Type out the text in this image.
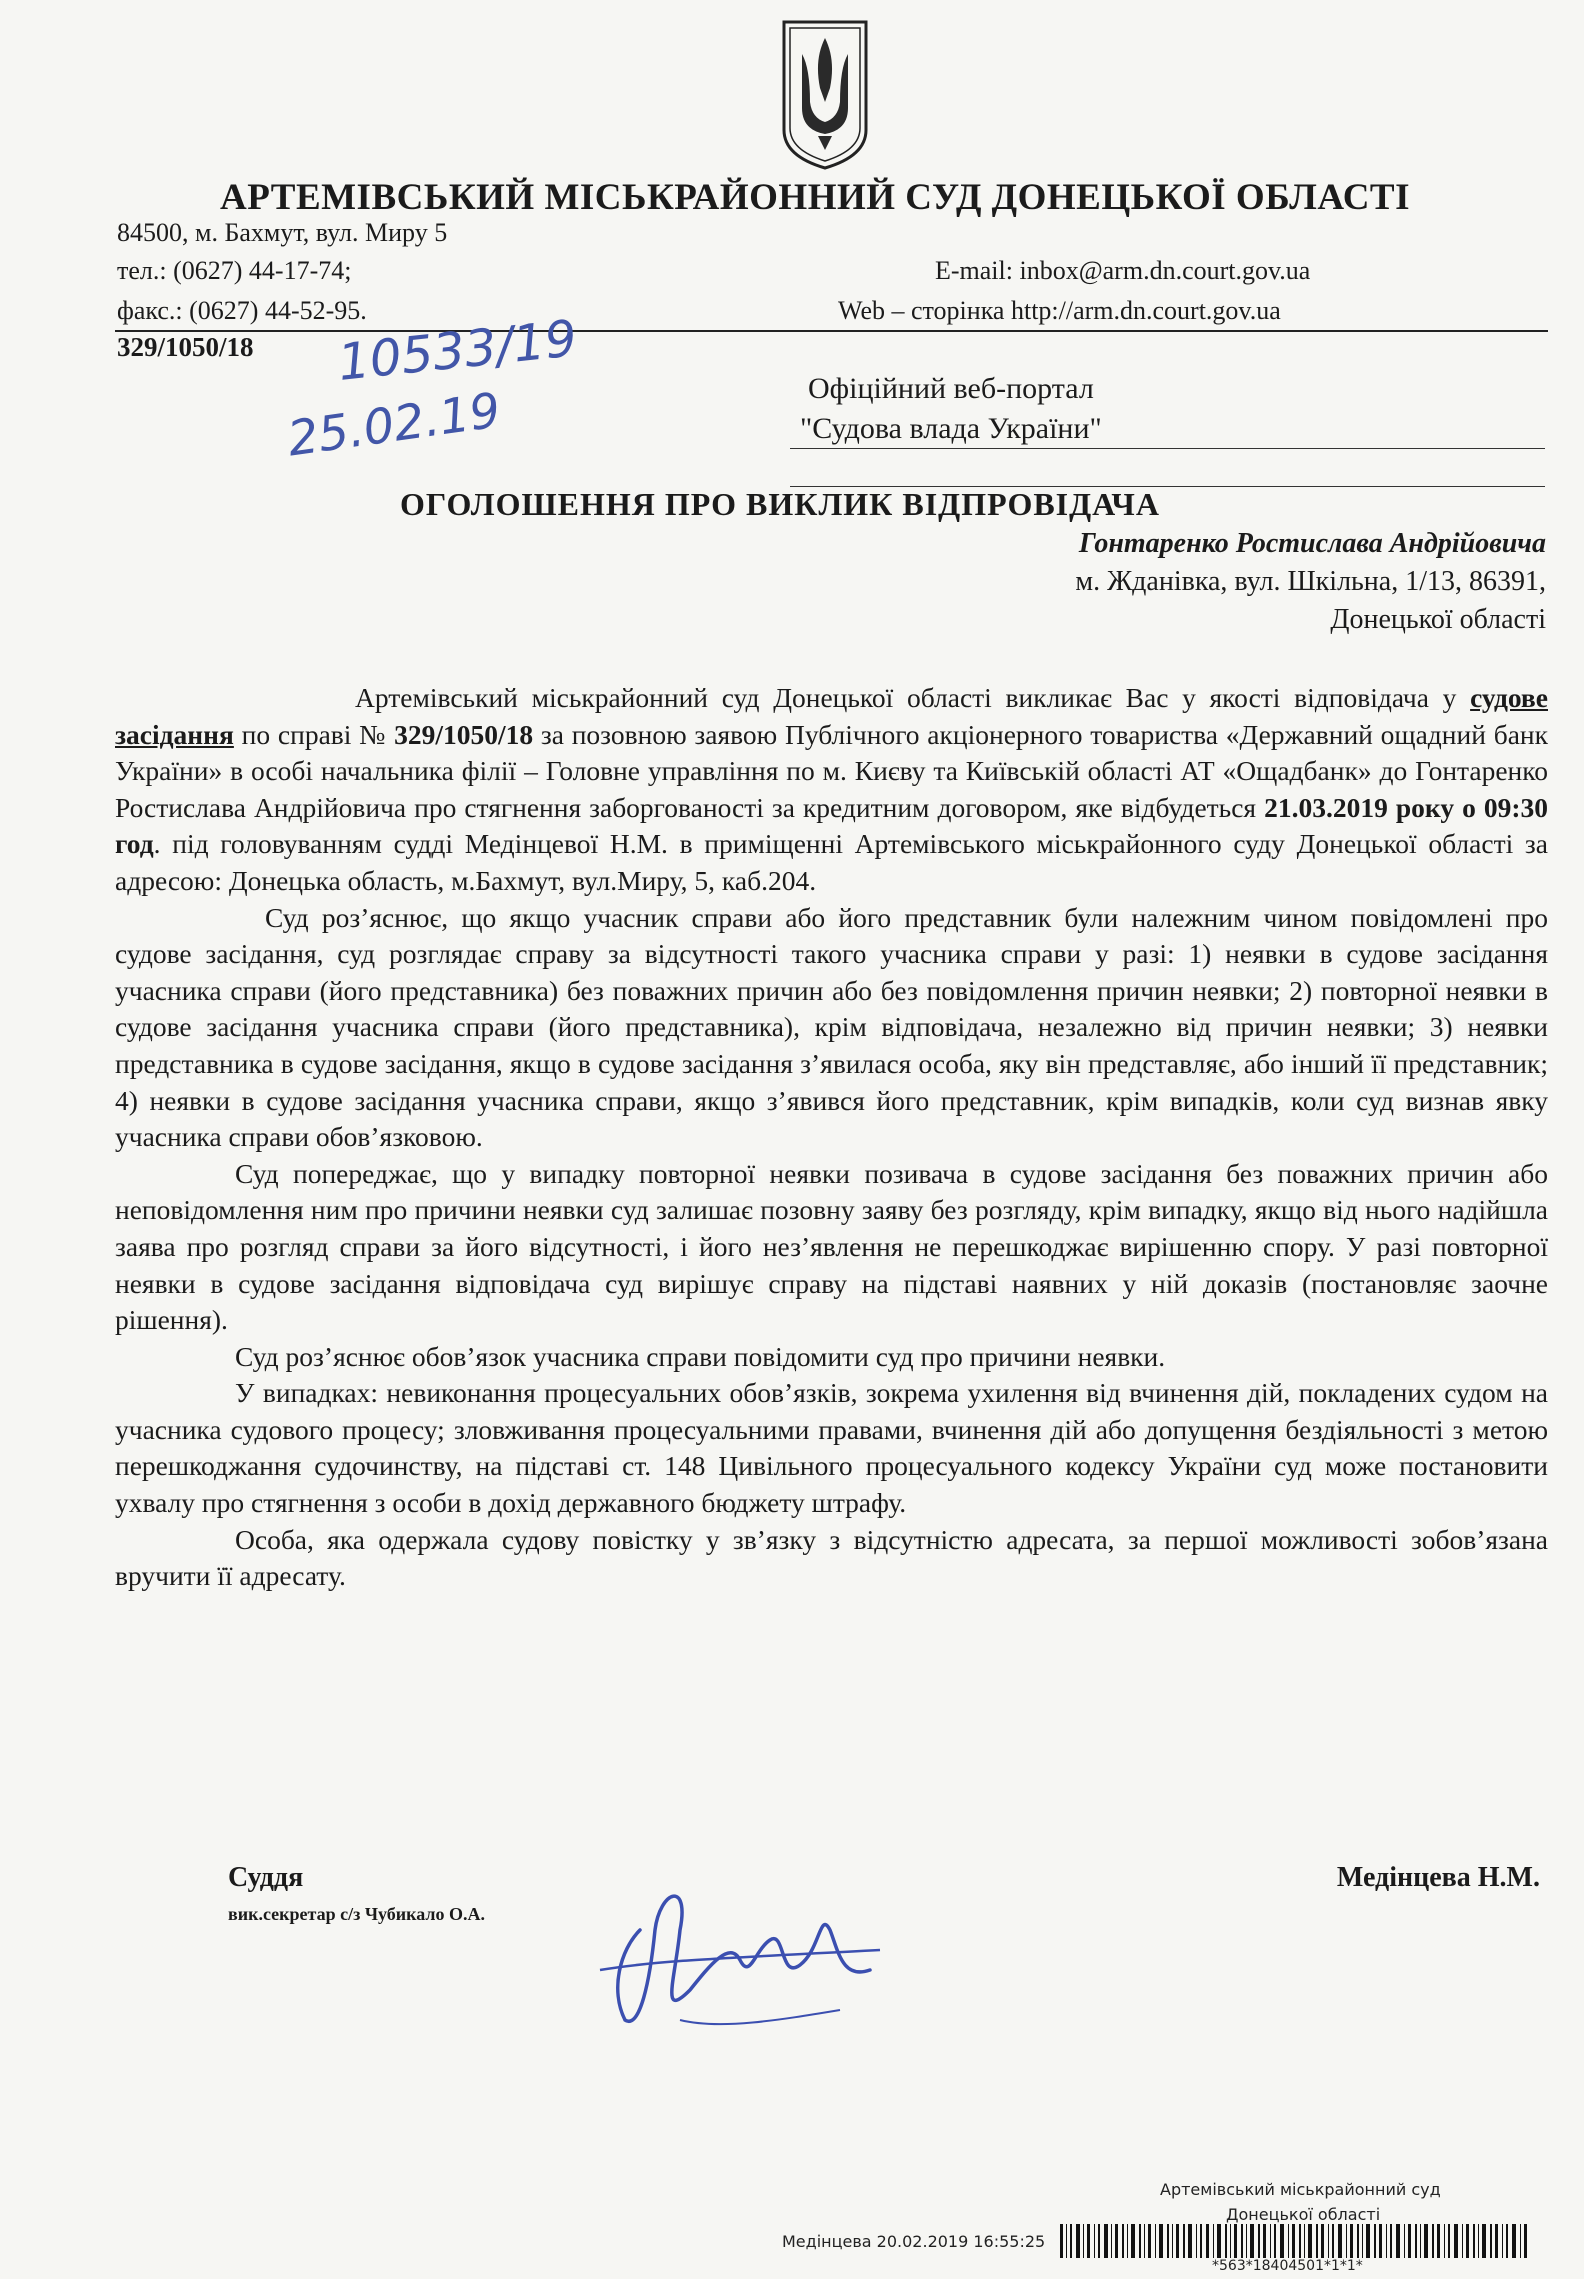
АРТЕМІВСЬКИЙ МІСЬКРАЙОННИЙ СУД ДОНЕЦЬКОЇ ОБЛАСТІ
84500, м. Бахмут, вул. Миру 5
тел.: (0627) 44-17-74;
факс.: (0627) 44-52-95.
E-mail: inbox@arm.dn.court.gov.ua
Web – сторінка http://arm.dn.court.gov.ua
329/1050/18 10533/19
25.02.19	Офіційний веб-портал
"Судова влада України"
ОГОЛОШЕННЯ ПРО ВИКЛИК ВІДПРОВІДАЧА
Гонтаренко Ростислава Андрійовича
м. Жданівка, вул. Шкільна, 1/13, 86391,
Донецької області

Артемівський міськрайонний суд Донецької області викликає Вас у якості відповідача у судове засідання по справі № 329/1050/18 за позовною заявою Публічного акціонерного товариства «Державний ощадний банк України» в особі начальника філії – Головне управління по м. Києву та Київській області АТ «Ощадбанк» до Гонтаренко Ростислава Андрійовича про стягнення заборгованості за кредитним договором, яке відбудеться 21.03.2019 року о 09:30 год. під головуванням судді Медінцевої Н.М. в приміщенні Артемівського міськрайонного суду Донецької області за адресою: Донецька область, м.Бахмут, вул.Миру, 5, каб.204.

Суд роз’яснює, що якщо учасник справи або його представник були належним чином повідомлені про судове засідання, суд розглядає справу за відсутності такого учасника справи у разі: 1) неявки в судове засідання учасника справи (його представника) без поважних причин або без повідомлення причин неявки; 2) повторної неявки в судове засідання учасника справи (його представника), крім відповідача, незалежно від причин неявки; 3) неявки представника в судове засідання, якщо в судове засідання з’явилася особа, яку він представляє, або інший її представник; 4) неявки в судове засідання учасника справи, якщо з’явився його представник, крім випадків, коли суд визнав явку учасника справи обов’язковою.

Суд попереджає, що у випадку повторної неявки позивача в судове засідання без поважних причин або неповідомлення ним про причини неявки суд залишає позовну заяву без розгляду, крім випадку, якщо від нього надійшла заява про розгляд справи за його відсутності, і його нез’явлення не перешкоджає вирішенню спору. У разі повторної неявки в судове засідання відповідача суд вирішує справу на підставі наявних у ній доказів (постановляє заочне рішення).

Суд роз’яснює обов’язок учасника справи повідомити суд про причини неявки.

У випадках: невиконання процесуальних обов’язків, зокрема ухилення від вчинення дій, покладених судом на учасника судового процесу; зловживання процесуальними правами, вчинення дій або допущення бездіяльності з метою перешкоджання судочинству, на підставі ст. 148 Цивільного процесуального кодексу України суд може постановити ухвалу про стягнення з особи в дохід державного бюджету штрафу.

Особа, яка одержала судову повістку у зв’язку з відсутністю адресата, за першої можливості зобов’язана вручити її адресату.

Суддя
вик.секретар с/з Чубикало О.А.
Медінцева Н.М.
Артемівський міськрайонний суд
Донецької області
Медінцева 20.02.2019 16:55:25
*563*18404501*1*1*
